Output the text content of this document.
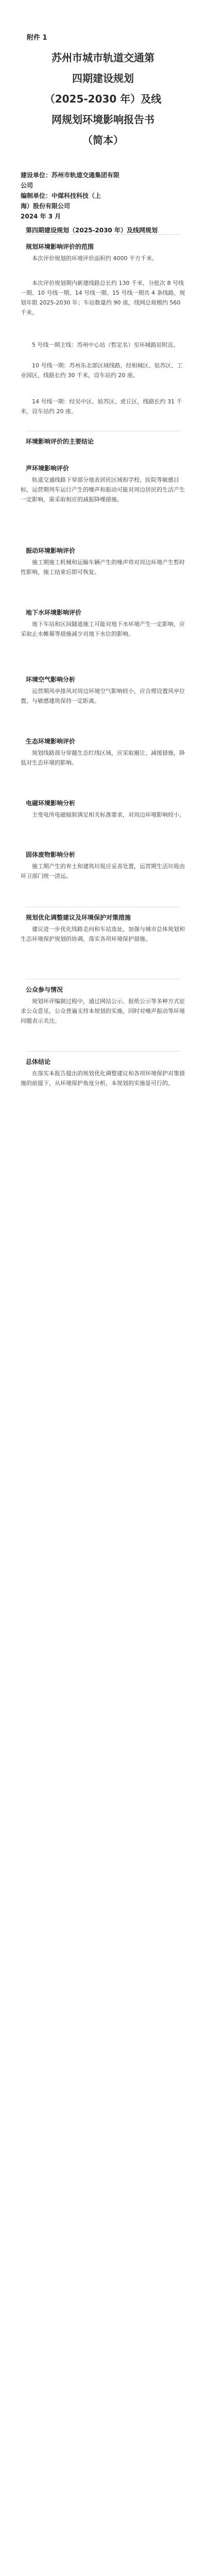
附件 1
苏州市城市轨道交通第
四期建设规划
（2025-2030 年）及线
网规划环境影响报告书
（简本）
建设单位：苏州市轨道交通集团有限
公司
编制单位：中煤科技科技（上
海）股份有限公司
2024 年 3 月
第四期建设规划（2025-2030 年）及线网规划
规划环境影响评价的范围
本次评价规划的环境评价面积约 4000 平方千米。
本次评价规划期内新建线路总长约 130 千米，分批次 8 号线一期、10 号线一期、14 号线一期、15 号线一期共 4 条线路，规划年限 2025-2030 年；车站数量约 90 座，线网总规模约 560 千米。
5 号线一期主线：苏州中心站（暂定名）至环城路站附近。
10 号线一期：苏州东北部区域线路，经相城区、姑苏区、工业园区，线路长约 30 千米，设车站约 20 座。
14 号线一期：经吴中区、姑苏区、虎丘区，线路长约 31 千米，设车站约 20 座。
环境影响评价的主要结论
声环境影响评价
轨道交通线路下穿部分地表居民区域和学校、医院等敏感目标，运营期列车运行产生的噪声和振动可能对周边居民的生活产生一定影响，需采取相应的减振降噪措施。
振动环境影响评价
施工期施工机械和运输车辆产生的噪声将对周边环境产生暂时性影响，施工结束后即可恢复。
地下水环境影响评价
地下车站和区间隧道施工可能对地下水环境产生一定影响，应采取止水帷幕等措施减少对地下水位的影响。
环境空气影响分析
运营期风亭排风对周边环境空气影响较小，应合理设置风亭位置，与敏感建筑保持一定距离。
生态环境影响评价
规划线路部分穿越生态红线区域，应采取避让、减缓措施，降低对生态环境的影响。
电磁环境影响分析
主变电所电磁辐射满足相关标准要求，对周边环境影响较小。
固体废物影响分析
施工期产生的弃土和建筑垃圾应妥善处置，运营期生活垃圾由环卫部门统一清运。
规划优化调整建议及环境保护对策措施
建议进一步优化线路走向和车站选址，加强与城市总体规划和生态环境保护规划的协调，落实各项环境保护措施。
公众参与情况
规划环评编制过程中，通过网站公示、报纸公示等多种方式征求公众意见，公众普遍支持本规划的实施，同时对噪声振动等环境问题表示关注。
总体结论
在落实本报告提出的规划优化调整建议和各项环境保护对策措施的前提下，从环境保护角度分析，本规划的实施是可行的。
